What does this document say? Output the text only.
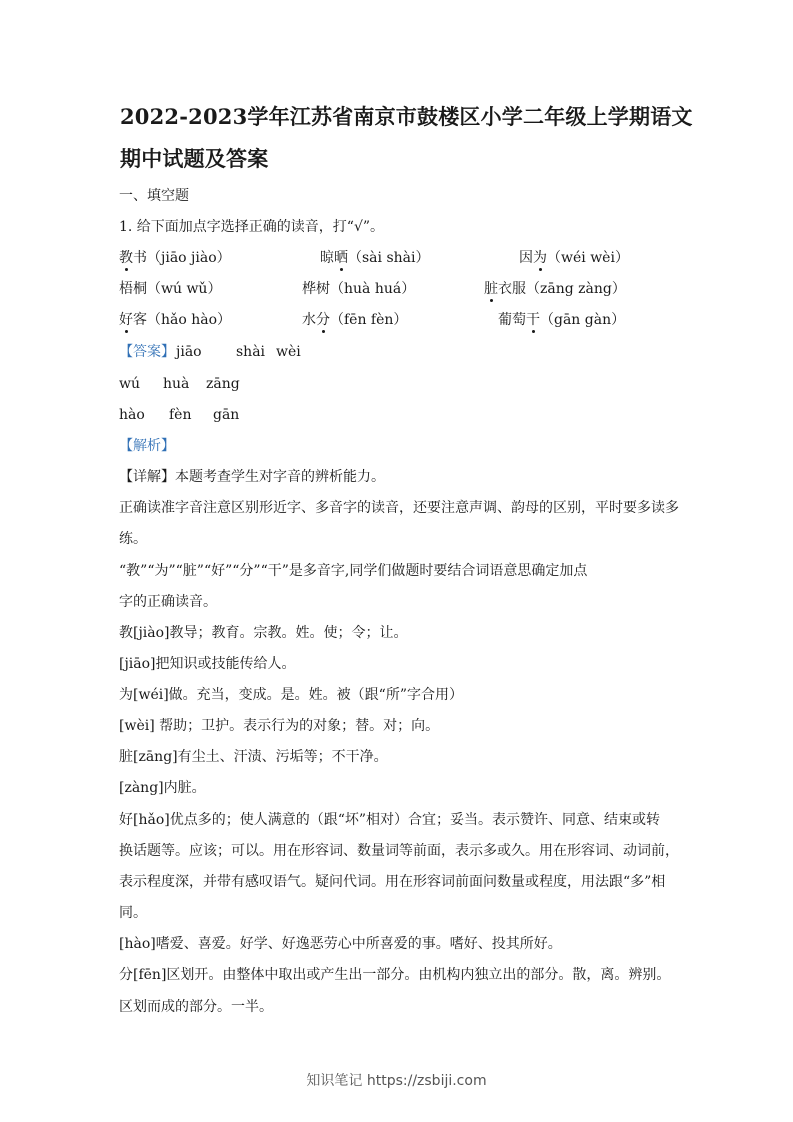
2022-2023学年江苏省南京市鼓楼区小学二年级上学期语文
期中试题及答案
一、填空题
1. 给下面加点字选择正确的读音，打“√”。
教书（jiāo jiào）	晾晒（sài shài）	因为（wéi wèi）
梧桐（wú wǔ）	桦树（huà huá）	脏衣服（zāng zàng）
好客（hǎo hào）	水分（fēn fèn）	葡萄干（gān gàn）
【答案】 jiāo shài wèi
wú huà zāng
hào fèn gān
【解析】
【详解】本题考查学生对字音的辨析能力。
正确读准字音注意区别形近字、多音字的读音，还要注意声调、韵母的区别，平时要多读多
练。
“教”“为”“脏”“好”“分”“干”是多音字,同学们做题时要结合词语意思确定加点
字的正确读音。
教[jiào]教导；教育。宗教。姓。使；令；让。
[jiāo]把知识或技能传给人。
为[wéi]做。充当，变成。是。姓。被（跟“所”字合用）
[wèi] 帮助；卫护。表示行为的对象；替。对；向。
脏[zāng]有尘土、汗渍、污垢等；不干净。
[zàng]内脏。
好[hǎo]优点多的；使人满意的（跟“坏”相对）合宜；妥当。表示赞许、同意、结束或转
换话题等。应该；可以。用在形容词、数量词等前面，表示多或久。用在形容词、动词前，
表示程度深，并带有感叹语气。疑问代词。用在形容词前面问数量或程度，用法跟“多”相
同。
[hào]嗜爱、喜爱。好学、好逸恶劳心中所喜爱的事。嗜好、投其所好。
分[fēn]区划开。由整体中取出或产生出一部分。由机构内独立出的部分。散，离。辨别。
区划而成的部分。一半。
知识笔记 https://zsbiji.com
